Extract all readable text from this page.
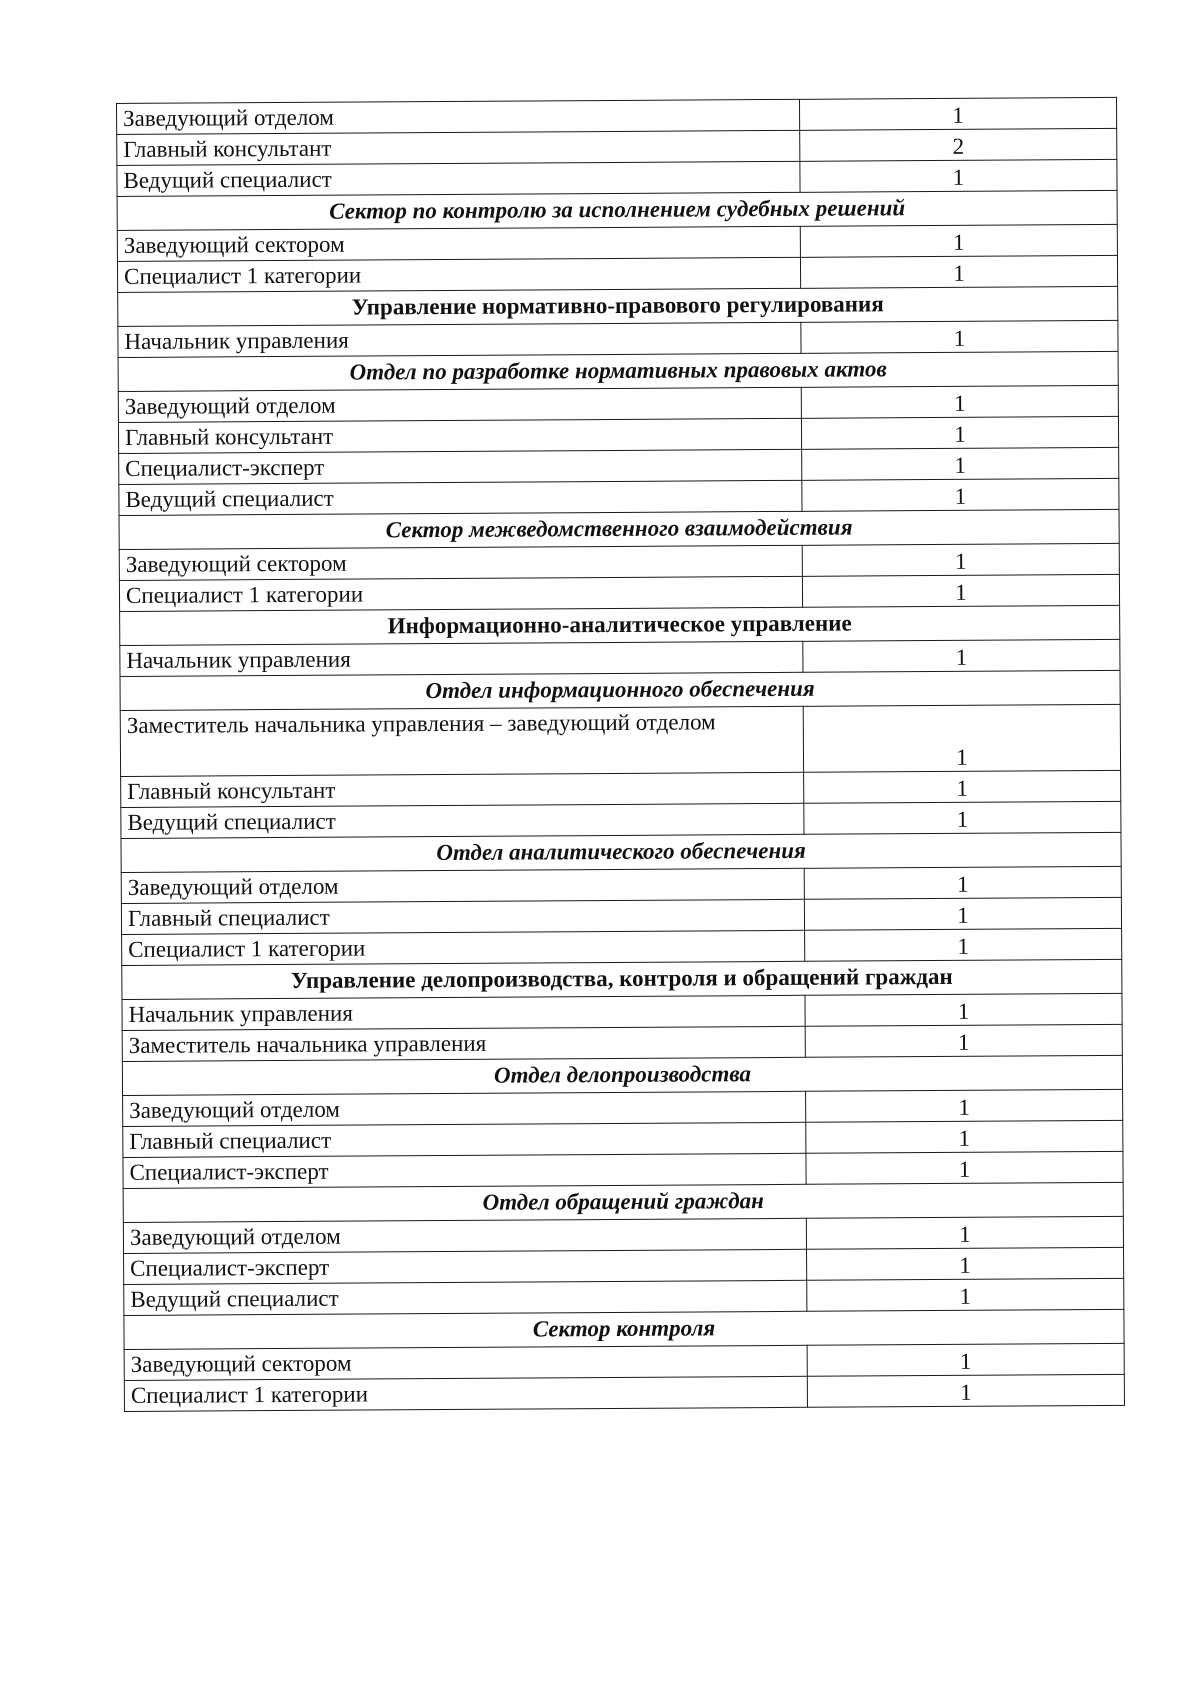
Заведующий отделом	1
Главный консультант	2
Ведущий специалист	1
Сектор по контролю за исполнением судебных решений	
Заведующий сектором	1
Специалист 1 категории	1
Управление нормативно-правового регулирования	
Начальник управления	1
Отдел по разработке нормативных правовых актов	
Заведующий отделом	1
Главный консультант	1
Специалист-эксперт	1
Ведущий специалист	1
Сектор межведомственного взаимодействия	
Заведующий сектором	1
Специалист 1 категории	1
Информационно-аналитическое управление	
Начальник управления	1
Отдел информационного обеспечения	
Заместитель начальника управления – заведующий отделом	1
Главный консультант	1
Ведущий специалист	1
Отдел аналитического обеспечения	
Заведующий отделом	1
Главный специалист	1
Специалист 1 категории	1
Управление делопроизводства, контроля и обращений граждан	
Начальник управления	1
Заместитель начальника управления	1
Отдел делопроизводства	
Заведующий отделом	1
Главный специалист	1
Специалист-эксперт	1
Отдел обращений граждан	
Заведующий отделом	1
Специалист-эксперт	1
Ведущий специалист	1
Сектор контроля	
Заведующий сектором	1
Специалист 1 категории	1
